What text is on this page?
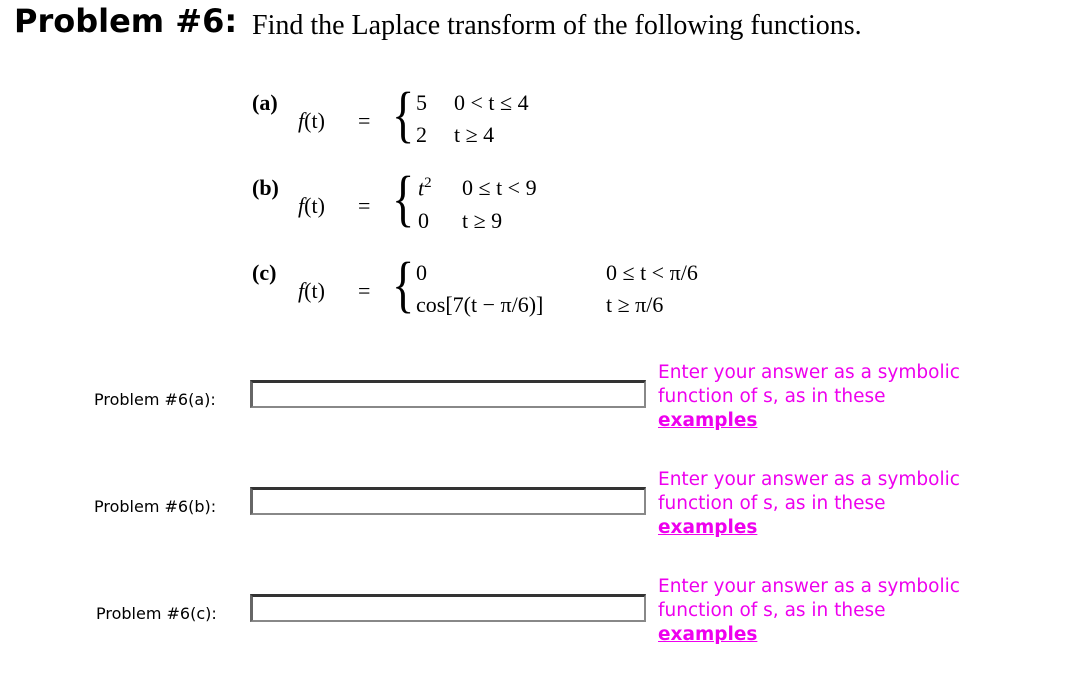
Problem #6: Find the Laplace transform of the following functions.
(a)
f(t) = { 5 0 < t ≤ 4
2 t ≥ 4
(b)
f(t) = { $t^2$ 0 ≤ t < 9
0 t ≥ 9
(c)
f(t) = { 0	0 ≤ t < π/6
cos[7(t − π/6)]	t ≥ π/6
Problem #6(a):
Enter your answer as a symbolic function of s, as in these
examples
Problem #6(b):
Enter your answer as a symbolic function of s, as in these
examples
Problem #6(c):
Enter your answer as a symbolic function of s, as in these
examples
